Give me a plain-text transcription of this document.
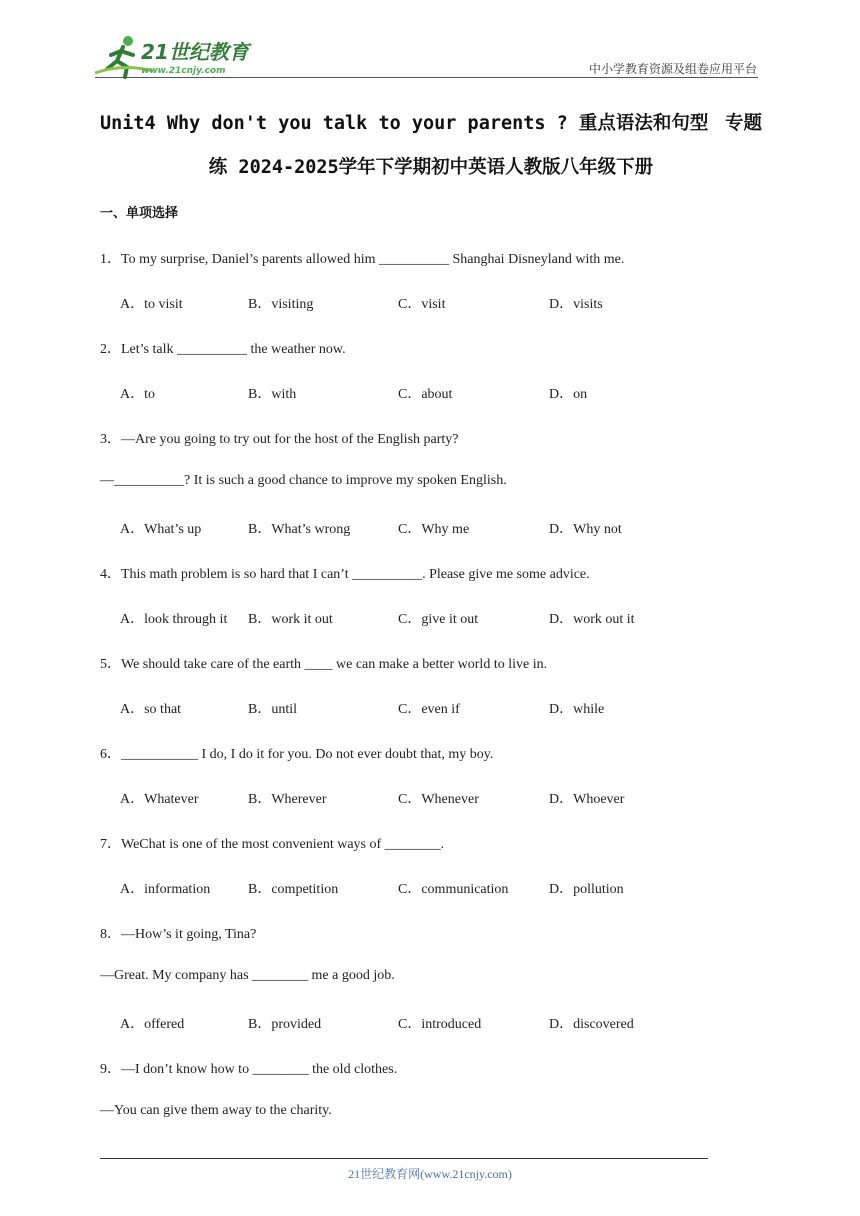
21世纪教育
www.21cnjy.com	中小学教育资源及组卷应用平台
Unit4 Why don't you talk to your parents ? 重点语法和句型 专题
练 2024-2025学年下学期初中英语人教版八年级下册
一、单项选择
1．To my surprise, Daniel’s parents allowed him __________ Shanghai Disneyland with me.
A．to visit	B．visiting	C．visit	D．visits
2．Let’s talk __________ the weather now.
A．to	B．with	C．about	D．on
3．—Are you going to try out for the host of the English party?
—__________? It is such a good chance to improve my spoken English.
A．What’s up	B．What’s wrong	C．Why me	D．Why not
4．This math problem is so hard that I can’t __________. Please give me some advice.
A．look through it B．work it out	C．give it out	D．work out it
5．We should take care of the earth ____ we can make a better world to live in.
A．so that	B．until	C．even if	D．while
6．___________ I do, I do it for you. Do not ever doubt that, my boy.
A．Whatever	B．Wherever	C．Whenever	D．Whoever
7．WeChat is one of the most convenient ways of ________.
A．information	B．competition	C．communication	D．pollution
8．—How’s it going, Tina?
—Great. My company has ________ me a good job.
A．offered	B．provided	C．introduced	D．discovered
9．—I don’t know how to ________ the old clothes.
—You can give them away to the charity.
21世纪教育网(www.21cnjy.com)
